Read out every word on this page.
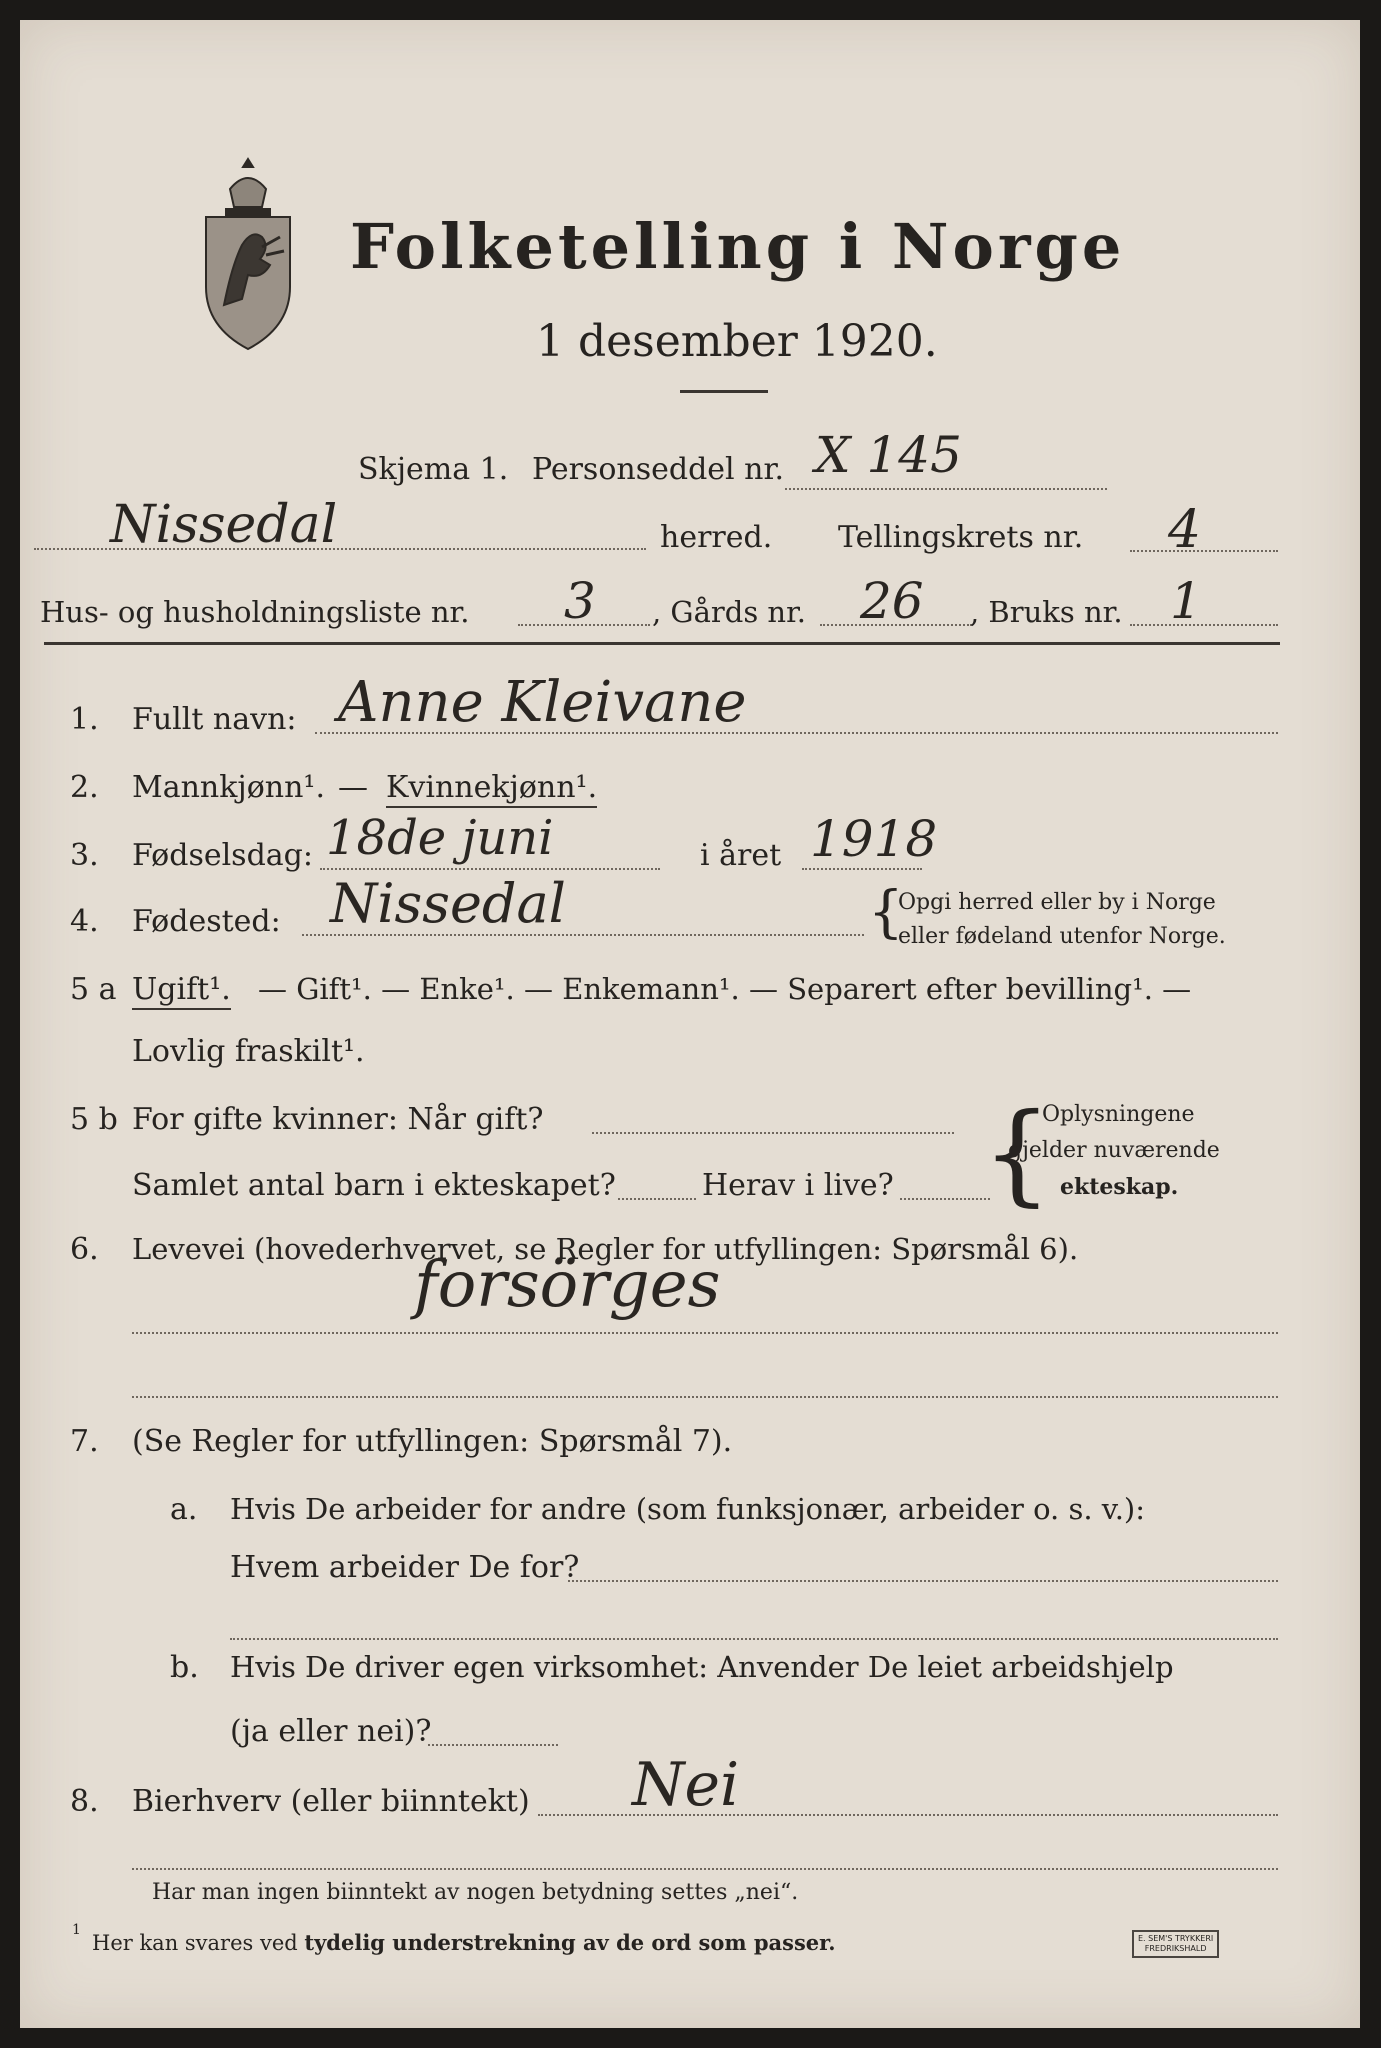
Folketelling i Norge
1 desember 1920.
Skjema 1. Personseddel nr. X 145
Nissedal	herred. Tellingskrets nr. 4
Hus- og husholdningsliste nr. 3 , Gårds nr. 26 , Bruks nr. 1
1. Fullt navn: Anne Kleivane
2. Mannkjønn¹. — Kvinnekjønn¹.
3. Fødselsdag: 18de juni	i året 1918
4. Fødested: Nissedal	{
Opgi herred eller by i Norge
eller fødeland utenfor Norge.
5 a Ugift¹. — Gift¹. — Enke¹. — Enkemann¹. — Separert efter bevilling¹. —
Lovlig fraskilt¹.
5 b For gifte kvinner: Når gift?
Samlet antal barn i ekteskapet?	Herav i live? {
Oplysningene
gjelder nuværende
ekteskap.
6. Levevei (hovederhvervet, se Regler for utfyllingen: Spørsmål 6).
forsörges
7. (Se Regler for utfyllingen: Spørsmål 7).
a. Hvis De arbeider for andre (som funksjonær, arbeider o. s. v.):
Hvem arbeider De for?
b. Hvis De driver egen virksomhet: Anvender De leiet arbeidshjelp
(ja eller nei)?
8. Bierhverv (eller biinntekt) Nei
Har man ingen biinntekt av nogen betydning settes „nei“.
1
Her kan svares ved tydelig understrekning av de ord som passer.	E. SEM'S TRYKKERI
FREDRIKSHALD
